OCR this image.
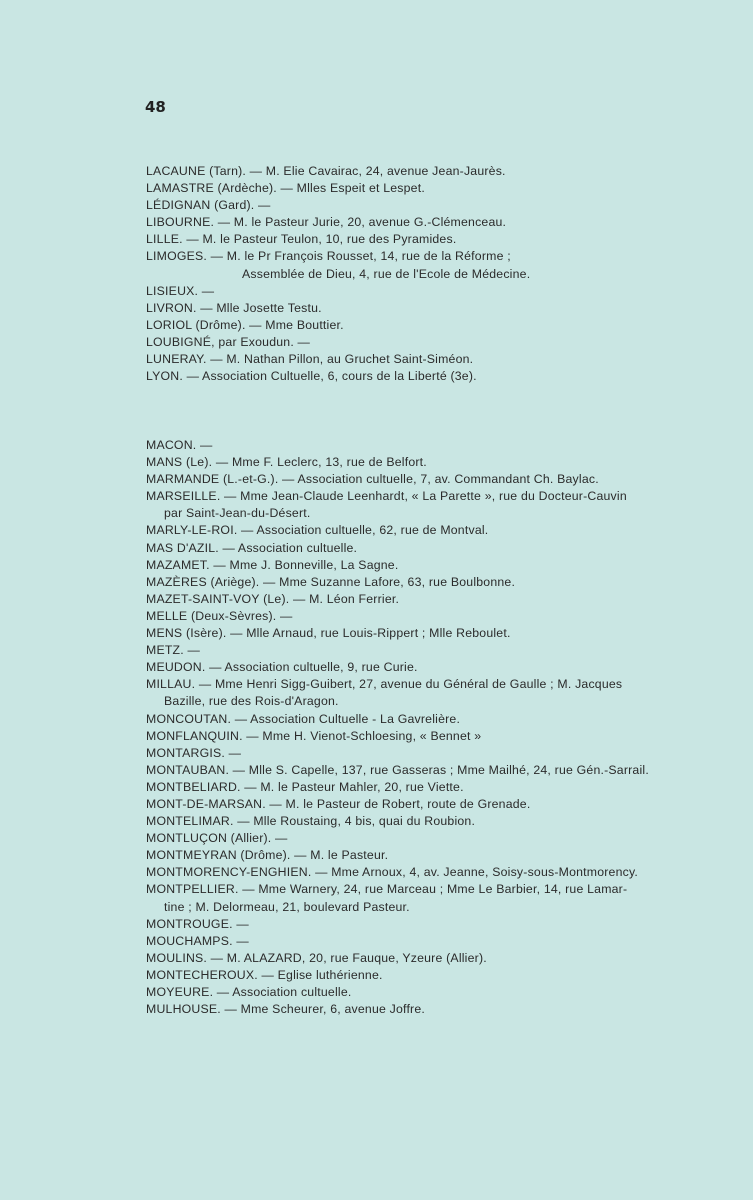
48
LACAUNE (Tarn). — M. Elie Cavairac, 24, avenue Jean-Jaurès.
LAMASTRE (Ardèche). — Mlles Espeit et Lespet.
LÉDIGNAN (Gard). —
LIBOURNE. — M. le Pasteur Jurie, 20, avenue G.-Clémenceau.
LILLE. — M. le Pasteur Teulon, 10, rue des Pyramides.
LIMOGES. — M. le Pr François Rousset, 14, rue de la Réforme ;
Assemblée de Dieu, 4, rue de l'Ecole de Médecine.
LISIEUX. —
LIVRON. — Mlle Josette Testu.
LORIOL (Drôme). — Mme Bouttier.
LOUBIGNÉ, par Exoudun. —
LUNERAY. — M. Nathan Pillon, au Gruchet Saint-Siméon.
LYON. — Association Cultuelle, 6, cours de la Liberté (3e).
MACON. —
MANS (Le). — Mme F. Leclerc, 13, rue de Belfort.
MARMANDE (L.-et-G.). — Association cultuelle, 7, av. Commandant Ch. Baylac.
MARSEILLE. — Mme Jean-Claude Leenhardt, « La Parette », rue du Docteur-Cauvin
par Saint-Jean-du-Désert.
MARLY-LE-ROI. — Association cultuelle, 62, rue de Montval.
MAS D'AZIL. — Association cultuelle.
MAZAMET. — Mme J. Bonneville, La Sagne.
MAZÈRES (Ariège). — Mme Suzanne Lafore, 63, rue Boulbonne.
MAZET-SAINT-VOY (Le). — M. Léon Ferrier.
MELLE (Deux-Sèvres). —
MENS (Isère). — Mlle Arnaud, rue Louis-Rippert ; Mlle Reboulet.
METZ. —
MEUDON. — Association cultuelle, 9, rue Curie.
MILLAU. — Mme Henri Sigg-Guibert, 27, avenue du Général de Gaulle ; M. Jacques
Bazille, rue des Rois-d'Aragon.
MONCOUTAN. — Association Cultuelle - La Gavrelière.
MONFLANQUIN. — Mme H. Vienot-Schloesing, « Bennet »
MONTARGIS. —
MONTAUBAN. — Mlle S. Capelle, 137, rue Gasseras ; Mme Mailhé, 24, rue Gén.-Sarrail.
MONTBELIARD. — M. le Pasteur Mahler, 20, rue Viette.
MONT-DE-MARSAN. — M. le Pasteur de Robert, route de Grenade.
MONTELIMAR. — Mlle Roustaing, 4 bis, quai du Roubion.
MONTLUÇON (Allier). —
MONTMEYRAN (Drôme). — M. le Pasteur.
MONTMORENCY-ENGHIEN. — Mme Arnoux, 4, av. Jeanne, Soisy-sous-Montmorency.
MONTPELLIER. — Mme Warnery, 24, rue Marceau ; Mme Le Barbier, 14, rue Lamar-
tine ; M. Delormeau, 21, boulevard Pasteur.
MONTROUGE. —
MOUCHAMPS. —
MOULINS. — M. ALAZARD, 20, rue Fauque, Yzeure (Allier).
MONTECHEROUX. — Eglise luthérienne.
MOYEURE. — Association cultuelle.
MULHOUSE. — Mme Scheurer, 6, avenue Joffre.
